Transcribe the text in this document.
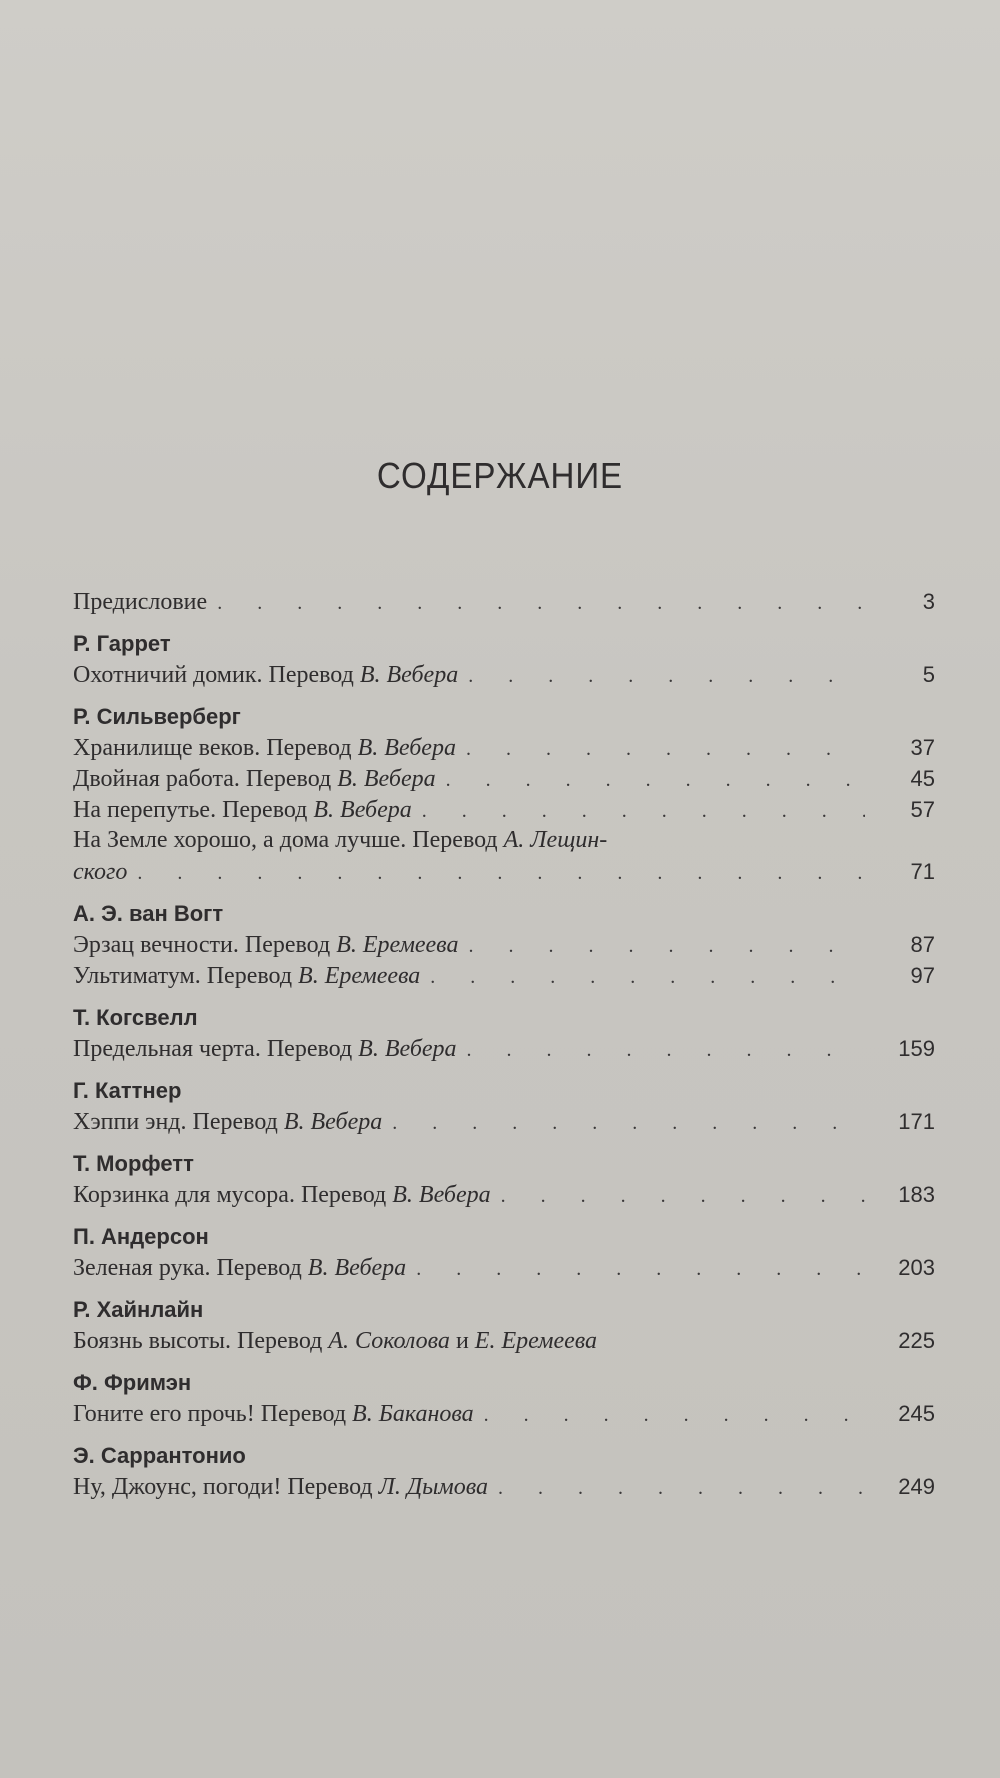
СОДЕРЖАНИЕ
Предисловие . . .	3
Р. Гаррет
Охотничий домик. Перевод В. Вебера . . .	5
Р. Сильверберг
Хранилище веков. Перевод В. Вебера . . .	37
Двойная работа. Перевод В. Вебера . . .	45
На перепутье. Перевод В. Вебера . . .	57
На Земле хорошо, а дома лучше. Перевод А. Лещин-
ского . . .	71
А. Э. ван Вогт
Эрзац вечности. Перевод В. Еремеева . . .	87
Ультиматум. Перевод В. Еремеева . . .	97
Т. Когсвелл
Предельная черта. Перевод В. Вебера . . .	159
Г. Каттнер
Хэппи энд. Перевод В. Вебера . . .	171
Т. Морфетт
Корзинка для мусора. Перевод В. Вебера . . .	183
П. Андерсон
Зеленая рука. Перевод В. Вебера . . .	203
Р. Хайнлайн
Боязнь высоты. Перевод А. Соколова и Е. Еремеева	225
Ф. Фримэн
Гоните его прочь! Перевод В. Баканова . . .	245
Э. Саррантонио
Ну, Джоунс, погоди! Перевод Л. Дымова . . .	249
